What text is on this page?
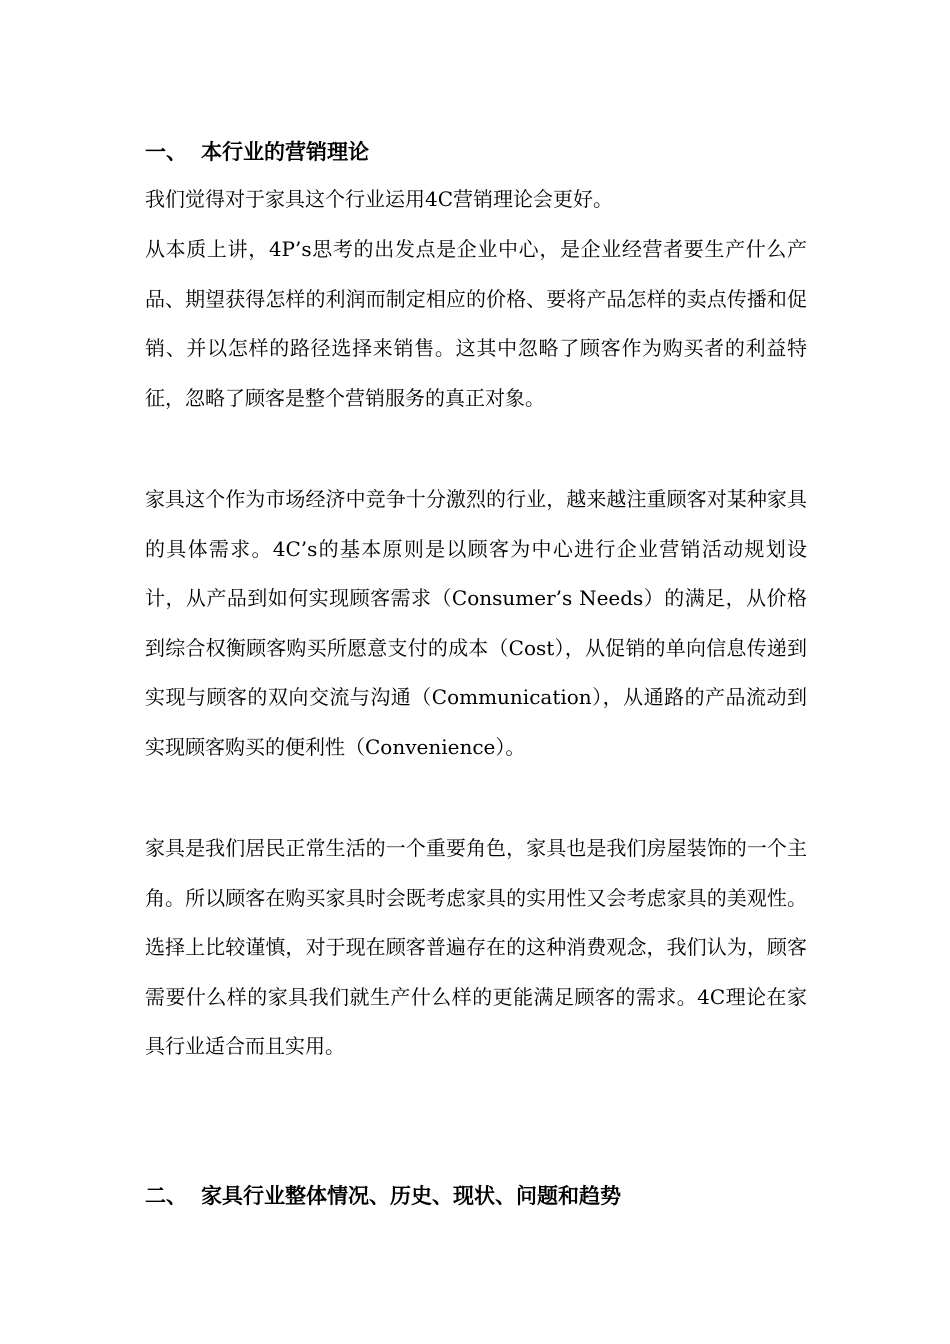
一、 本行业的营销理论

我们觉得对于家具这个行业运用4C营销理论会更好。

从本质上讲，4P’s思考的出发点是企业中心，是企业经营者要生产什么产品、期望获得怎样的利润而制定相应的价格、要将产品怎样的卖点传播和促销、并以怎样的路径选择来销售。这其中忽略了顾客作为购买者的利益特征，忽略了顾客是整个营销服务的真正对象。

家具这个作为市场经济中竞争十分激烈的行业，越来越注重顾客对某种家具的具体需求。4C’s的基本原则是以顾客为中心进行企业营销活动规划设计，从产品到如何实现顾客需求（Consumer’s Needs）的满足，从价格到综合权衡顾客购买所愿意支付的成本（Cost），从促销的单向信息传递到实现与顾客的双向交流与沟通（Communication），从通路的产品流动到实现顾客购买的便利性（Convenience）。

家具是我们居民正常生活的一个重要角色，家具也是我们房屋装饰的一个主角。所以顾客在购买家具时会既考虑家具的实用性又会考虑家具的美观性。选择上比较谨慎，对于现在顾客普遍存在的这种消费观念，我们认为，顾客需要什么样的家具我们就生产什么样的更能满足顾客的需求。4C理论在家具行业适合而且实用。

二、 家具行业整体情况、历史、现状、问题和趋势
